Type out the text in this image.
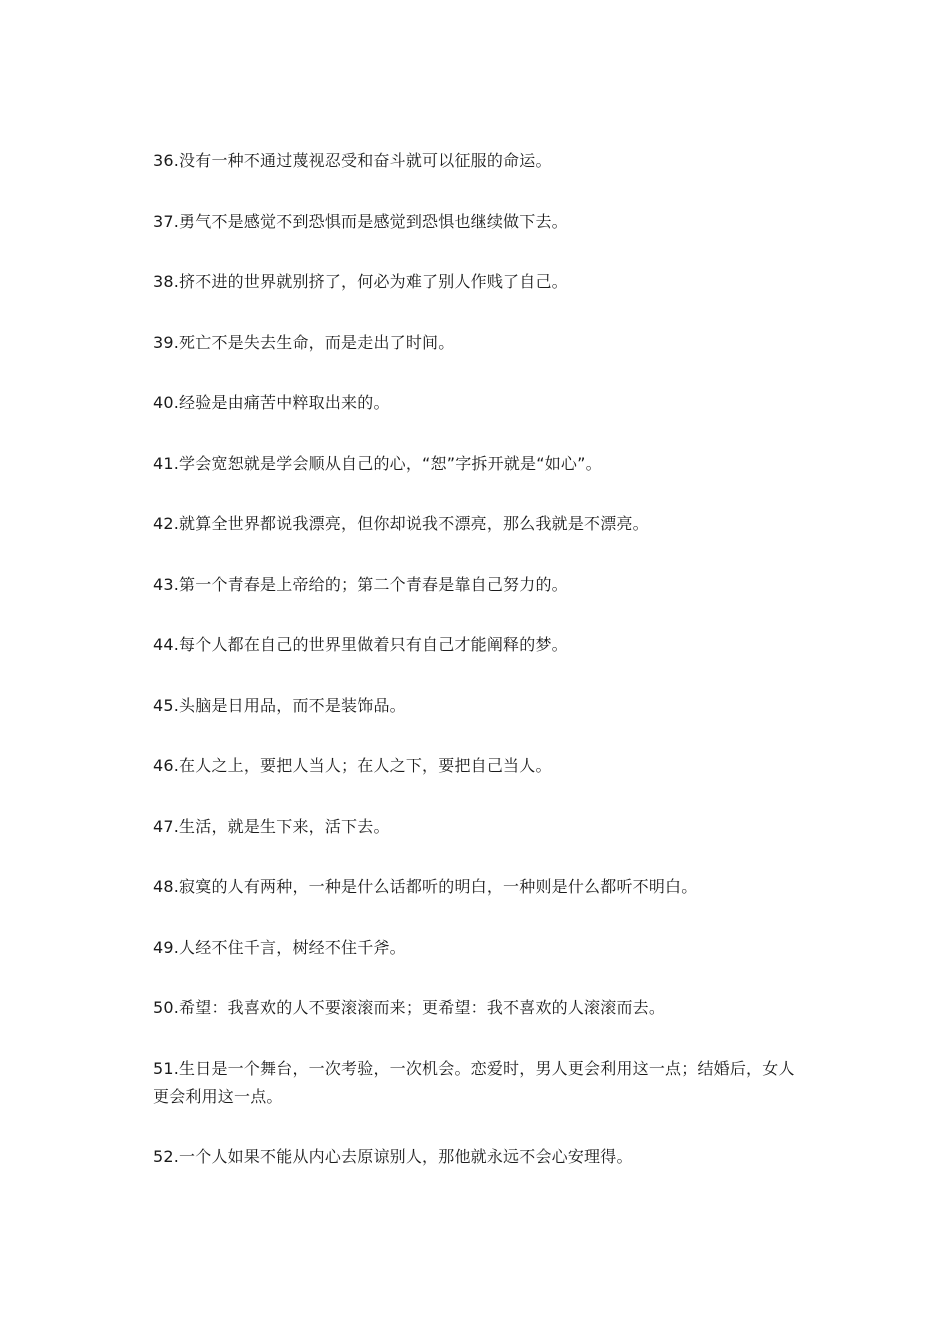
36.没有一种不通过蔑视忍受和奋斗就可以征服的命运。

37.勇气不是感觉不到恐惧而是感觉到恐惧也继续做下去。

38.挤不进的世界就别挤了，何必为难了别人作贱了自己。

39.死亡不是失去生命，而是走出了时间。

40.经验是由痛苦中粹取出来的。

41.学会宽恕就是学会顺从自己的心，“恕”字拆开就是“如心”。

42.就算全世界都说我漂亮，但你却说我不漂亮，那么我就是不漂亮。

43.第一个青春是上帝给的；第二个青春是靠自己努力的。

44.每个人都在自己的世界里做着只有自己才能阐释的梦。

45.头脑是日用品，而不是装饰品。

46.在人之上，要把人当人；在人之下，要把自己当人。

47.生活，就是生下来，活下去。

48.寂寞的人有两种，一种是什么话都听的明白，一种则是什么都听不明白。

49.人经不住千言，树经不住千斧。

50.希望：我喜欢的人不要滚滚而来；更希望：我不喜欢的人滚滚而去。

51.生日是一个舞台，一次考验，一次机会。恋爱时，男人更会利用这一点；结婚后，女人更会利用这一点。

52.一个人如果不能从内心去原谅别人，那他就永远不会心安理得。
